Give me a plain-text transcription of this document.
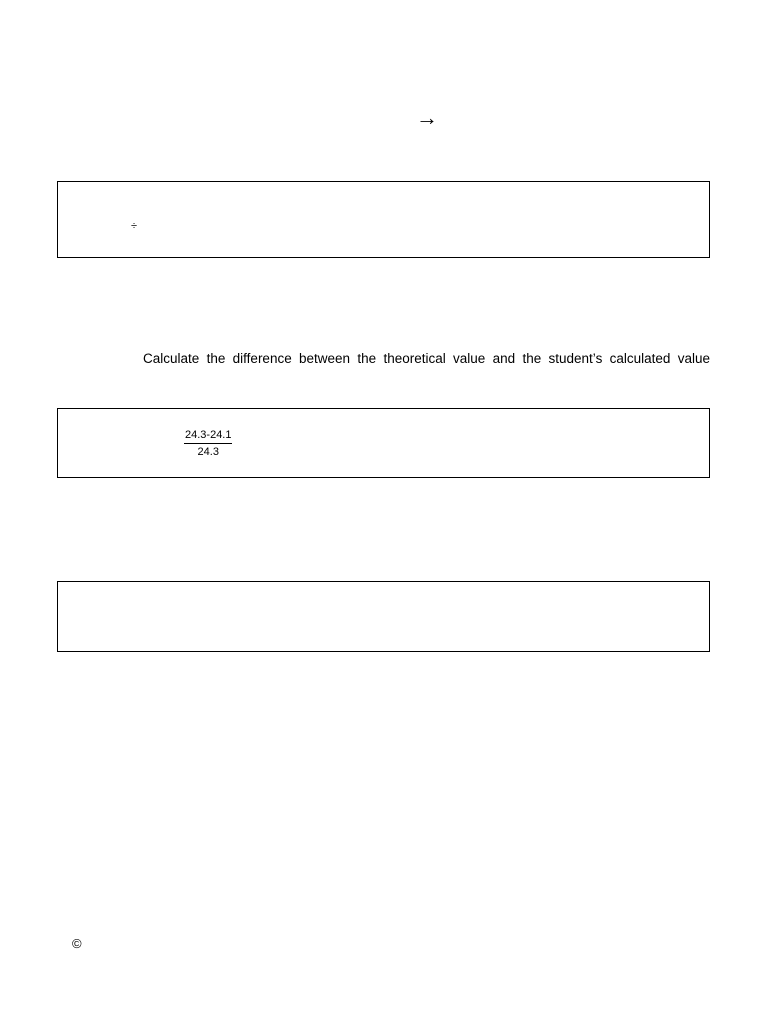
→
÷
Calculate the difference between the theoretical value and the student’s calculated value
$\frac{24.3-24.1}{24.3}$
©
